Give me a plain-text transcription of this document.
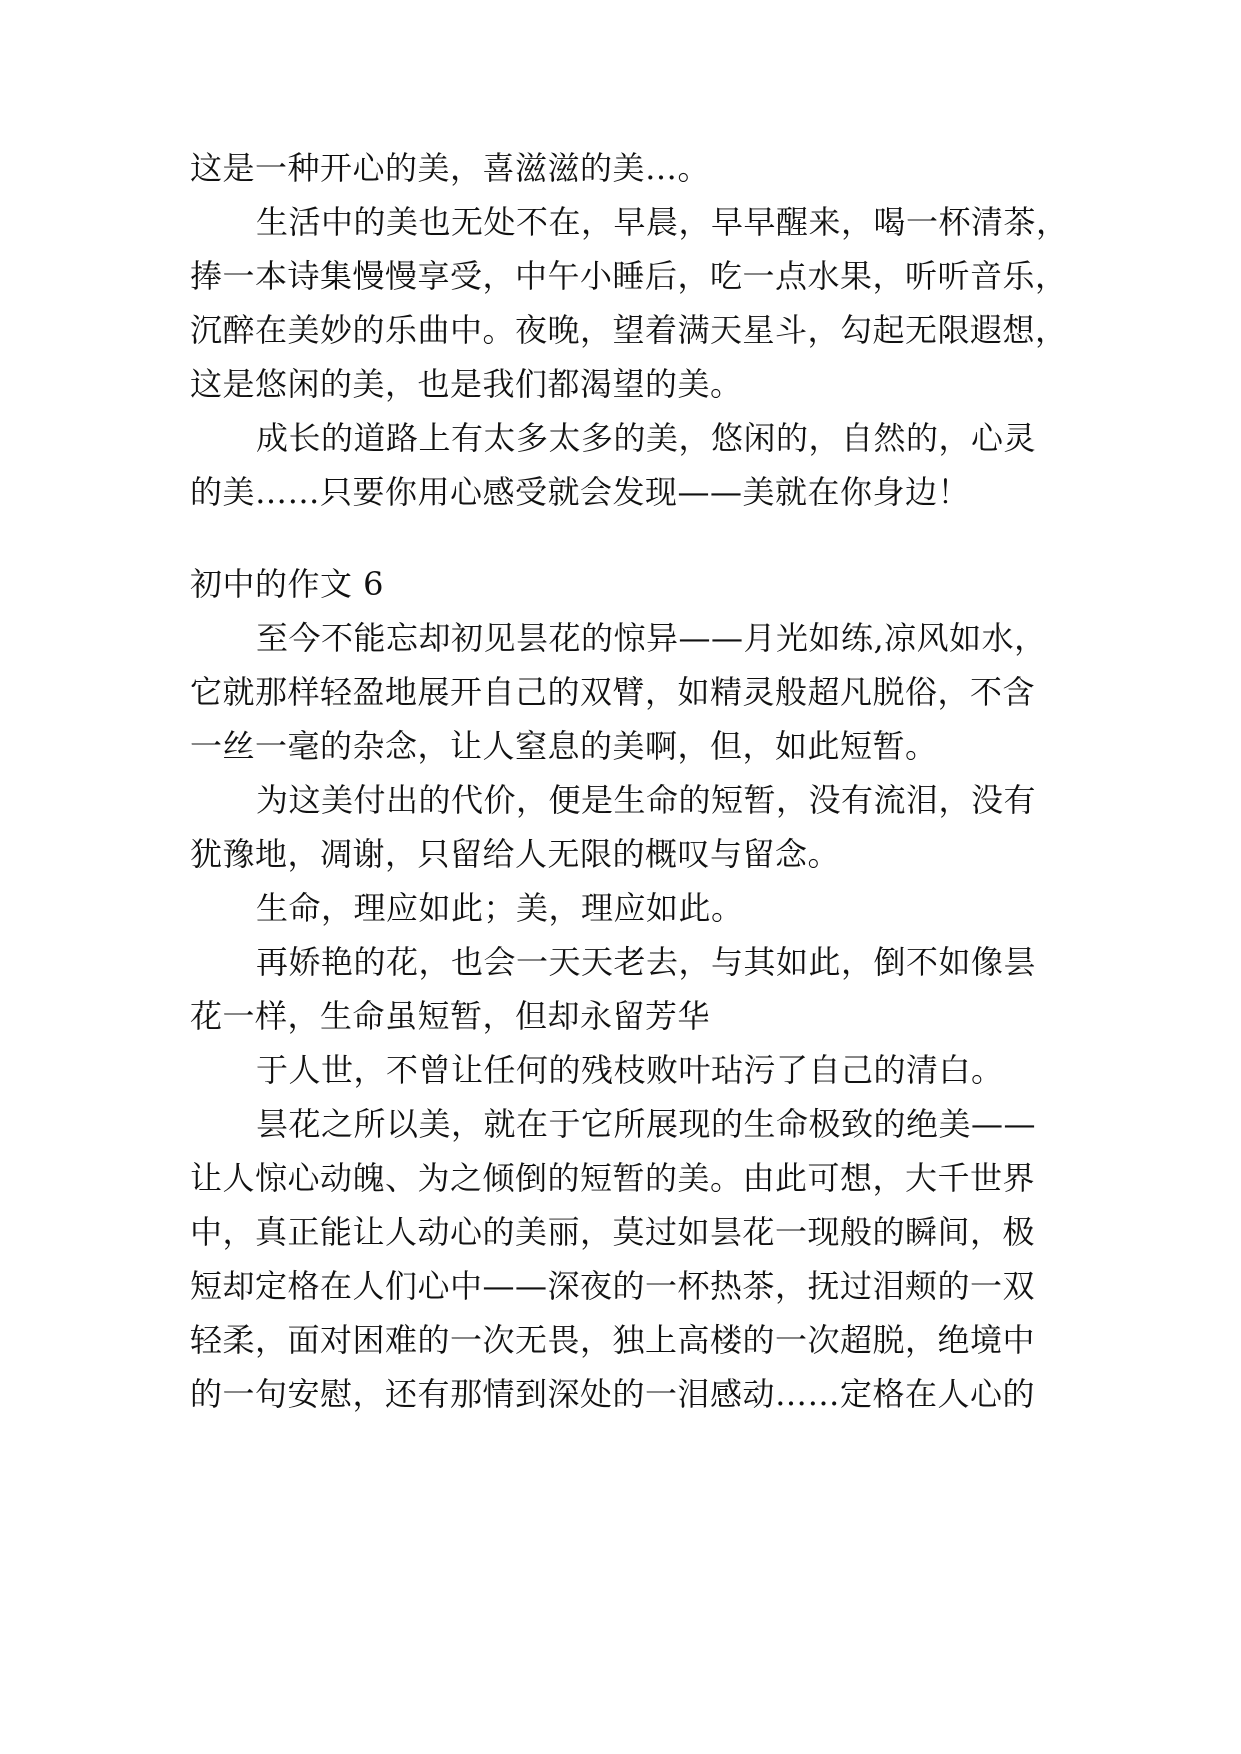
这是一种开心的美，喜滋滋的美…。

生活中的美也无处不在，早晨，早早醒来，喝一杯清茶，

捧一本诗集慢慢享受，中午小睡后，吃一点水果，听听音乐，

沉醉在美妙的乐曲中。夜晚，望着满天星斗，勾起无限遐想，

这是悠闲的美，也是我们都渴望的美。

成长的道路上有太多太多的美，悠闲的，自然的，心灵

的美……只要你用心感受就会发现——美就在你身边！

初中的作文 6

至今不能忘却初见昙花的惊异——月光如练,凉风如水，

它就那样轻盈地展开自己的双臂，如精灵般超凡脱俗，不含

一丝一毫的杂念，让人窒息的美啊，但，如此短暂。

为这美付出的代价，便是生命的短暂，没有流泪，没有

犹豫地，凋谢，只留给人无限的概叹与留念。

生命，理应如此；美，理应如此。

再娇艳的花，也会一天天老去，与其如此，倒不如像昙

花一样，生命虽短暂，但却永留芳华

于人世，不曾让任何的残枝败叶玷污了自己的清白。

昙花之所以美，就在于它所展现的生命极致的绝美——

让人惊心动魄、为之倾倒的短暂的美。由此可想，大千世界

中，真正能让人动心的美丽，莫过如昙花一现般的瞬间，极

短却定格在人们心中——深夜的一杯热茶，抚过泪颊的一双

轻柔，面对困难的一次无畏，独上高楼的一次超脱，绝境中

的一句安慰，还有那情到深处的一泪感动……定格在人心的
